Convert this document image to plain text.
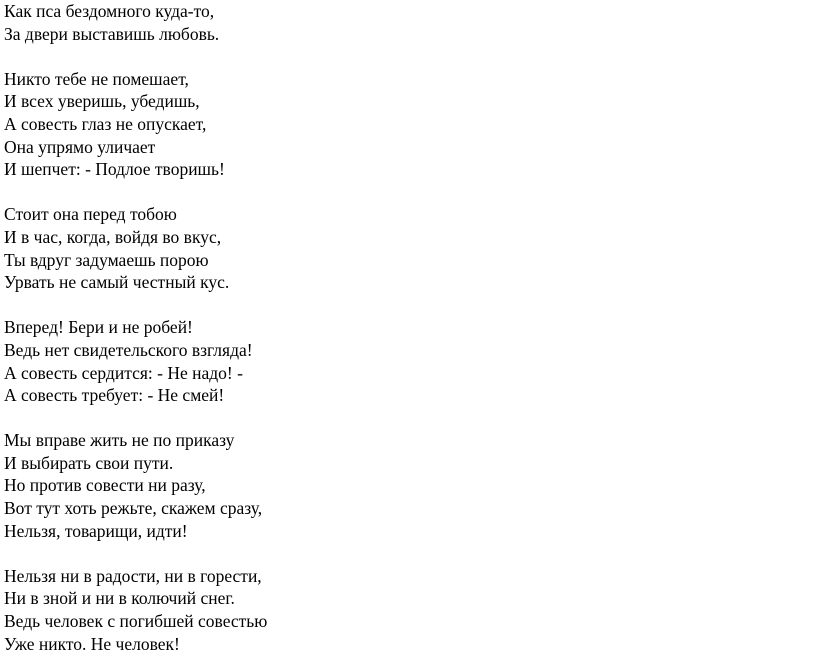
Как пса бездомного куда-то,
За двери выставишь любовь.
Никто тебе не помешает,
И всех уверишь, убедишь,
А совесть глаз не опускает,
Она упрямо уличает
И шепчет: - Подлое творишь!
Стоит она перед тобою
И в час, когда, войдя во вкус,
Ты вдруг задумаешь порою
Урвать не самый честный кус.
Вперед! Бери и не робей!
Ведь нет свидетельского взгляда!
А совесть сердится: - Не надо! -
А совесть требует: - Не смей!
Мы вправе жить не по приказу
И выбирать свои пути.
Но против совести ни разу,
Вот тут хоть режьте, скажем сразу,
Нельзя, товарищи, идти!
Нельзя ни в радости, ни в горести,
Ни в зной и ни в колючий снег.
Ведь человек с погибшей совестью
Уже никто. Не человек!
